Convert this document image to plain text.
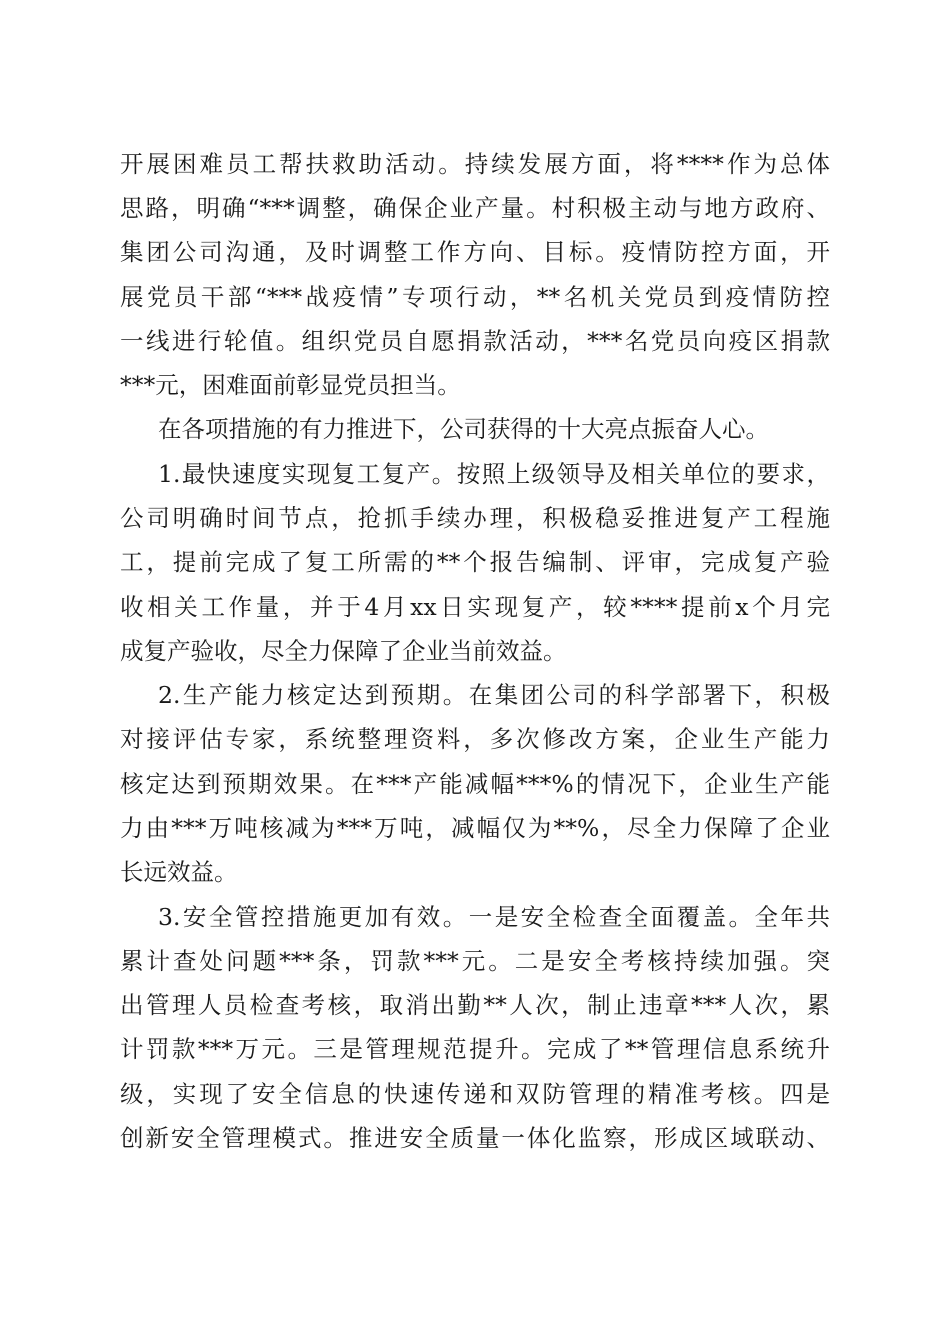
开展困难员工帮扶救助活动。持续发展方面，将****作为总体
思路，明确“***调整，确保企业产量。村积极主动与地方政府、
集团公司沟通，及时调整工作方向、目标。疫情防控方面，开
展党员干部“***战疫情”专项行动，**名机关党员到疫情防控
一线进行轮值。组织党员自愿捐款活动，***名党员向疫区捐款
***元，困难面前彰显党员担当。
在各项措施的有力推进下，公司获得的十大亮点振奋人心。
1.最快速度实现复工复产。按照上级领导及相关单位的要求，
公司明确时间节点，抢抓手续办理，积极稳妥推进复产工程施
工，提前完成了复工所需的**个报告编制、评审，完成复产验
收相关工作量，并于4月xx日实现复产，较****提前x个月完
成复产验收，尽全力保障了企业当前效益。
2.生产能力核定达到预期。在集团公司的科学部署下，积极
对接评估专家，系统整理资料，多次修改方案，企业生产能力
核定达到预期效果。在***产能减幅***%的情况下，企业生产能
力由***万吨核减为***万吨，减幅仅为**%，尽全力保障了企业
长远效益。
3.安全管控措施更加有效。一是安全检查全面覆盖。全年共
累计查处问题***条，罚款***元。二是安全考核持续加强。突
出管理人员检查考核，取消出勤**人次，制止违章***人次，累
计罚款***万元。三是管理规范提升。完成了**管理信息系统升
级，实现了安全信息的快速传递和双防管理的精准考核。四是
创新安全管理模式。推进安全质量一体化监察，形成区域联动、
